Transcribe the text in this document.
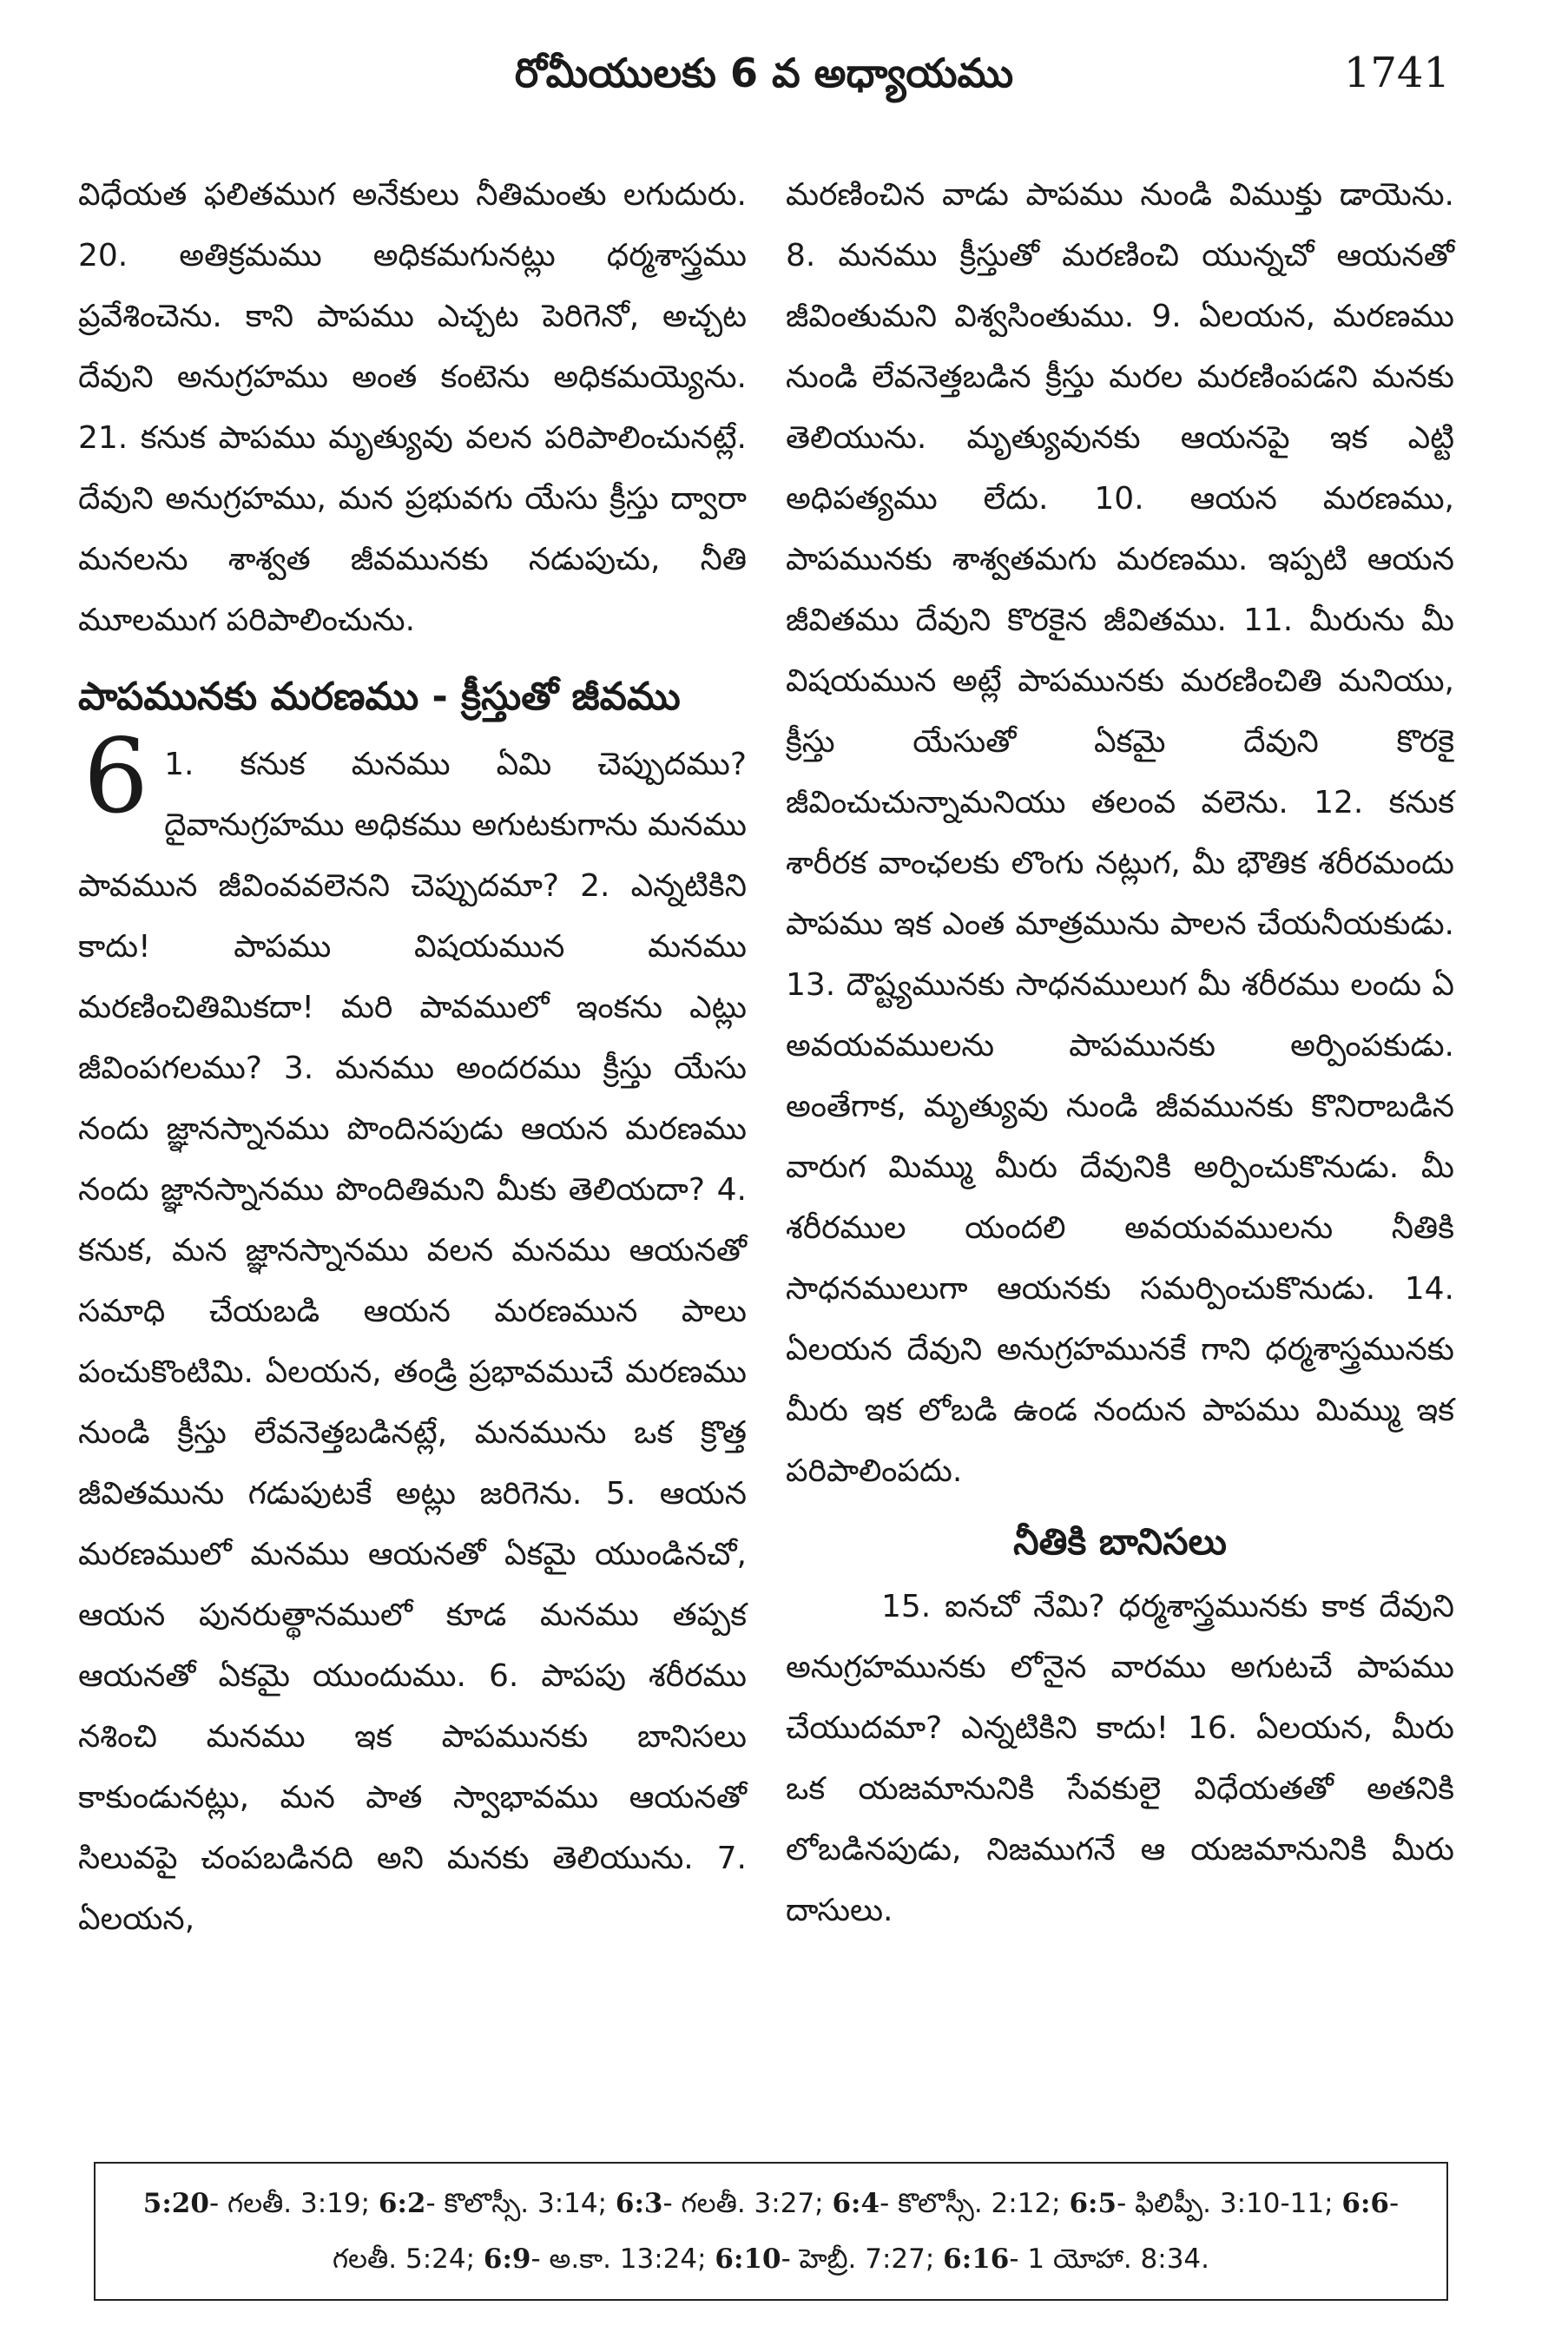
రోమీయులకు 6 వ అధ్యాయము	1741

విధేయత ఫలితముగ అనేకులు నీతిమంతు లగుదురు. 20. అతిక్రమము అధికమగునట్లు ధర్మశాస్త్రము ప్రవేశించెను. కాని పాపము ఎచ్చట పెరిగెనో, అచ్చట దేవుని అనుగ్రహము అంత కంటెను అధికమయ్యెను. 21. కనుక పాపము మృత్యువు వలన పరిపాలించునట్లే. దేవుని అనుగ్రహము, మన ప్రభువగు యేసు క్రీస్తు ద్వారా మనలను శాశ్వత జీవమునకు నడుపుచు, నీతి మూలముగ పరిపాలించును.

పాపమునకు మరణము - క్రీస్తుతో జీవము

6 1. కనుక మనము ఏమి చెప్పుదము? దైవానుగ్రహము అధికము అగుటకుగాను మనము పావమున జీవింవవలెనని చెప్పుదమా? 2. ఎన్నటికిని కాదు! పాపము విషయమున మనము మరణించితిమికదా! మరి పావములో ఇంకను ఎట్లు జీవింపగలము? 3. మనము అందరము క్రీస్తు యేసు నందు జ్ఞానస్నానము పొందినపుడు ఆయన మరణము నందు జ్ఞానస్నానము పొందితిమని మీకు తెలియదా? 4. కనుక, మన జ్ఞానస్నానము వలన మనము ఆయనతో సమాధి చేయబడి ఆయన మరణమున పాలు పంచుకొంటిమి. ఏలయన, తండ్రి ప్రభావముచే మరణము నుండి క్రీస్తు లేవనెత్తబడినట్లే, మనమును ఒక క్రొత్త జీవితమును గడుపుటకే అట్లు జరిగెను. 5. ఆయన మరణములో మనము ఆయనతో ఏకమై యుండినచో, ఆయన పునరుత్థానములో కూడ మనము తప్పక ఆయనతో ఏకమై యుందుము. 6. పాపపు శరీరము నశించి మనము ఇక పాపమునకు బానిసలు కాకుండునట్లు, మన పాత స్వాభావము ఆయనతో సిలువపై చంపబడినది అని మనకు తెలియును. 7. ఏలయన,

మరణించిన వాడు పాపము నుండి విముక్తు డాయెను. 8. మనము క్రీస్తుతో మరణించి యున్నచో ఆయనతో జీవింతుమని విశ్వసింతుము. 9. ఏలయన, మరణము నుండి లేవనెత్తబడిన క్రీస్తు మరల మరణింపడని మనకు తెలియును. మృత్యువునకు ఆయనపై ఇక ఎట్టి అధిపత్యము లేదు. 10. ఆయన మరణము, పాపమునకు శాశ్వతమగు మరణము. ఇప్పటి ఆయన జీవితము దేవుని కొరకైన జీవితము. 11. మీరును మీ విషయమున అట్లే పాపమునకు మరణించితి మనియు, క్రీస్తు యేసుతో ఏకమై దేవుని కొరకై జీవించుచున్నామనియు తలంవ వలెను. 12. కనుక శారీరక వాంఛలకు లొంగు నట్లుగ, మీ భౌతిక శరీరమందు పాపము ఇక ఎంత మాత్రమును పాలన చేయనీయకుడు. 13. దౌష్ట్యమునకు సాధనములుగ మీ శరీరము లందు ఏ అవయవములను పాపమునకు అర్పింపకుడు. అంతేగాక, మృత్యువు నుండి జీవమునకు కొనిరాబడిన వారుగ మిమ్ము మీరు దేవునికి అర్పించుకొనుడు. మీ శరీరముల యందలి అవయవములను నీతికి సాధనములుగా ఆయనకు సమర్పించుకొనుడు. 14. ఏలయన దేవుని అనుగ్రహమునకే గాని ధర్మశాస్త్రమునకు మీరు ఇక లోబడి ఉండ నందున పాపము మిమ్ము ఇక పరిపాలింపదు.

నీతికి బానిసలు

15. ఐనచో నేమి? ధర్మశాస్త్రమునకు కాక దేవుని అనుగ్రహమునకు లోనైన వారము అగుటచే పాపము చేయుదమా? ఎన్నటికిని కాదు! 16. ఏలయన, మీరు ఒక యజమానునికి సేవకులై విధేయతతో అతనికి లోబడినపుడు, నిజముగనే ఆ యజమానునికి మీరు దాసులు.

5:20- గలతీ. 3:19; 6:2- కొలొస్సీ. 3:14; 6:3- గలతీ. 3:27; 6:4- కొలొస్సీ. 2:12; 6:5- ఫిలిప్పీ. 3:10-11; 6:6- గలతీ. 5:24; 6:9- అ.కా. 13:24; 6:10- హెబ్రీ. 7:27; 6:16- 1 యోహా. 8:34.
